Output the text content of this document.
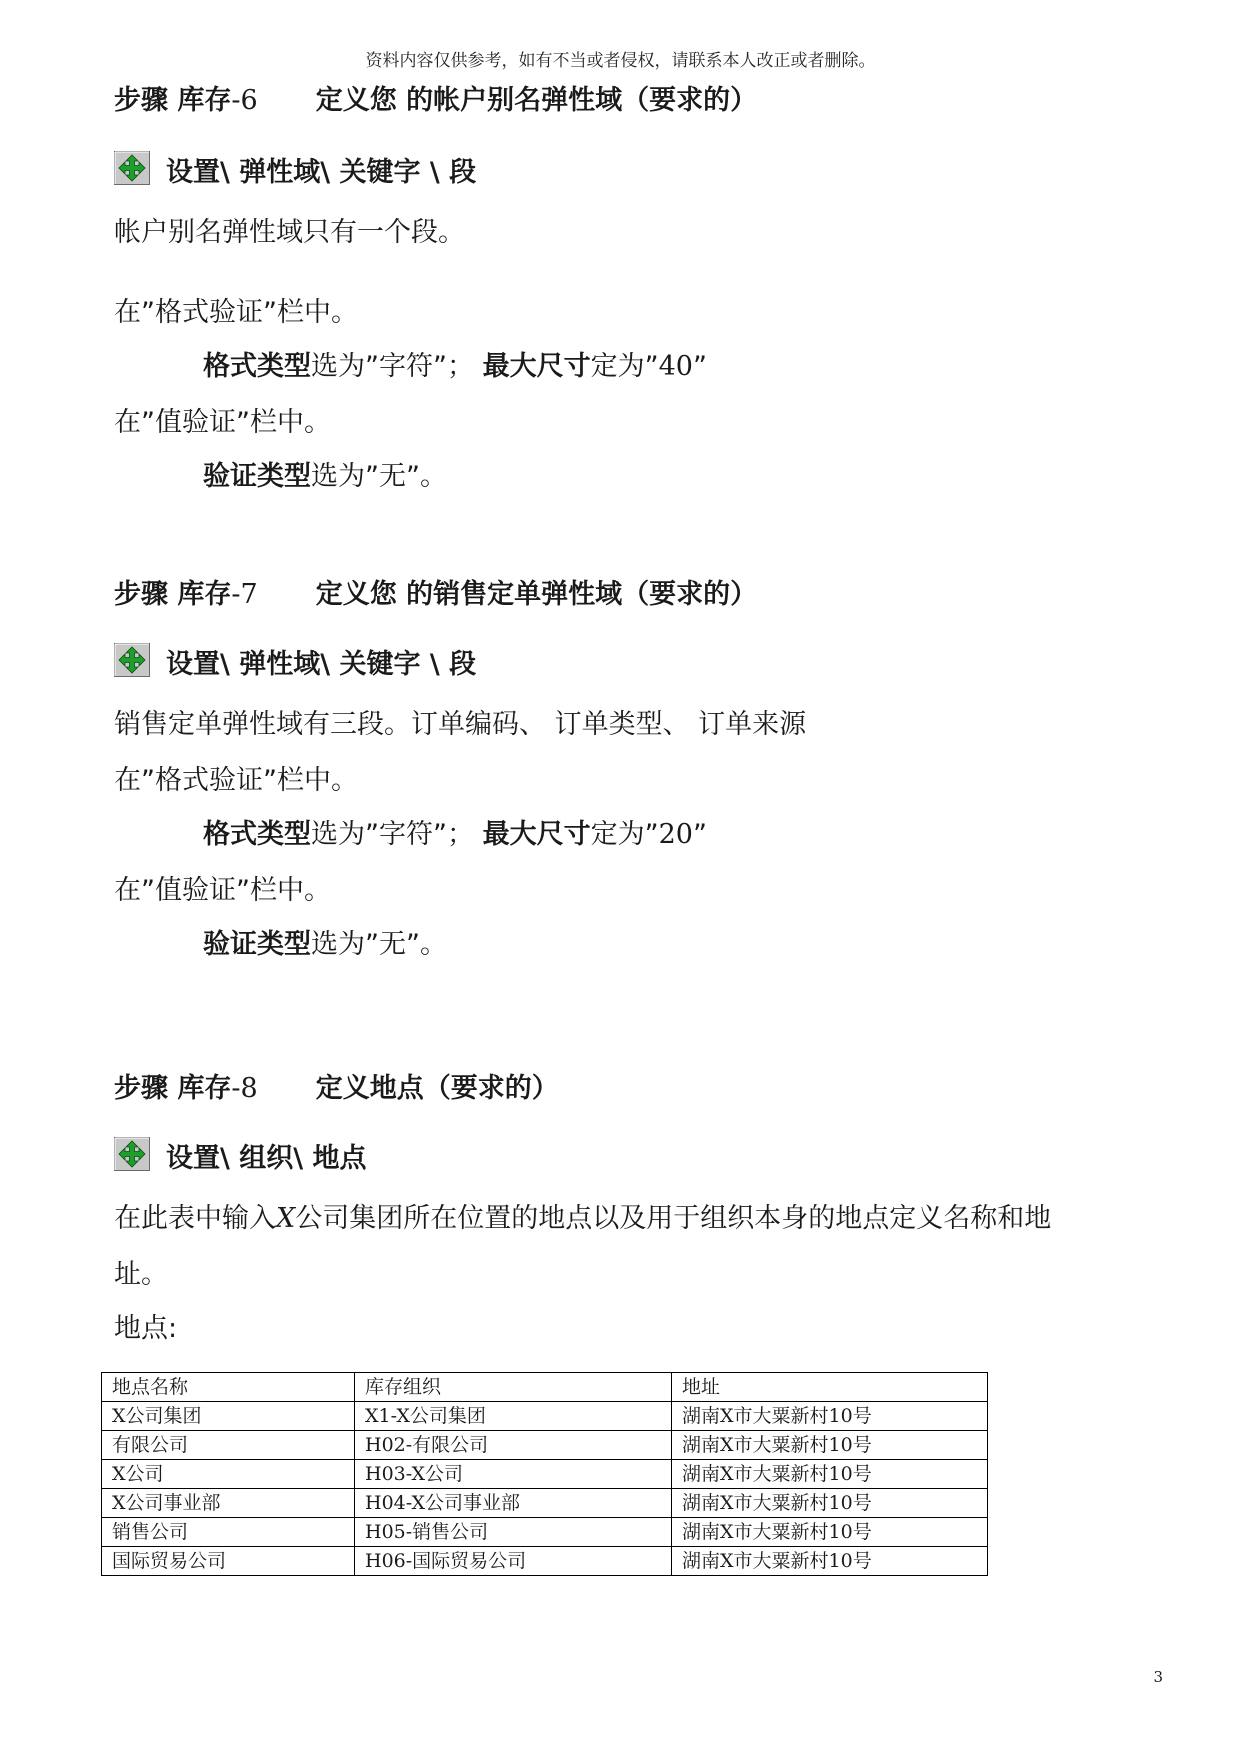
资料内容仅供参考，如有不当或者侵权，请联系本人改正或者删除。
步骤 库存-6 定义您 的帐户别名弹性域（要求的）
设置\ 弹性域\ 关键字 \ 段
帐户别名弹性域只有一个段。
在”格式验证”栏中。
格式类型选为”字符”； 最大尺寸定为”40”
在”值验证”栏中。
验证类型选为”无”。
步骤 库存-7 定义您 的销售定单弹性域（要求的）
设置\ 弹性域\ 关键字 \ 段
销售定单弹性域有三段。订单编码、 订单类型、 订单来源
在”格式验证”栏中。
格式类型选为”字符”； 最大尺寸定为”20”
在”值验证”栏中。
验证类型选为”无”。
步骤 库存-8 定义地点（要求的）
设置\ 组织\ 地点
在此表中输入X公司集团所在位置的地点以及用于组织本身的地点定义名称和地
址。
地点:
地点名称	库存组织	地址
X公司集团	X1-X公司集团	湖南X市大粟新村10号
有限公司	H02-有限公司	湖南X市大粟新村10号
X公司	H03-X公司	湖南X市大粟新村10号
X公司事业部	H04-X公司事业部	湖南X市大粟新村10号
销售公司	H05-销售公司	湖南X市大粟新村10号
国际贸易公司	H06-国际贸易公司	湖南X市大粟新村10号
3
